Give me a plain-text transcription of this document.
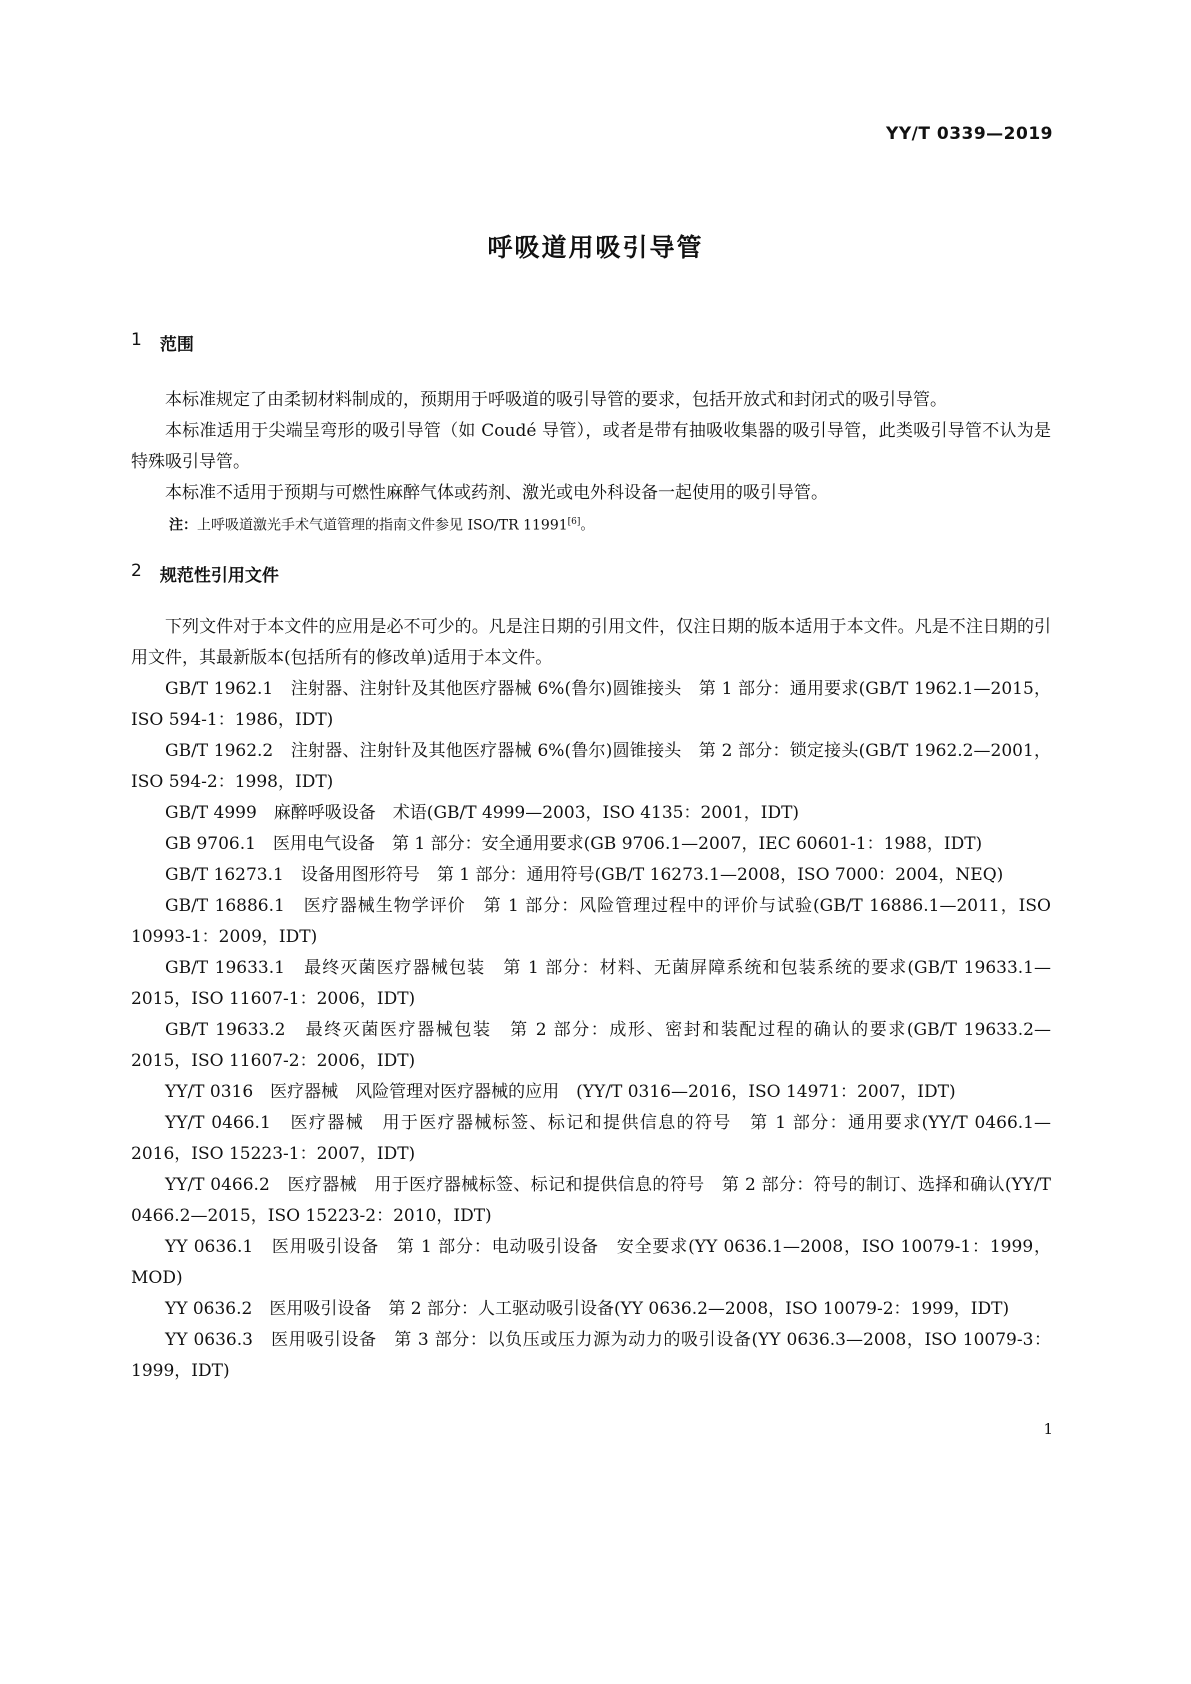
YY/T 0339—2019
呼吸道用吸引导管
1 范围

本标准规定了由柔韧材料制成的，预期用于呼吸道的吸引导管的要求，包括开放式和封闭式的吸引导管。

本标准适用于尖端呈弯形的吸引导管（如 Coudé 导管），或者是带有抽吸收集器的吸引导管，此类吸引导管不认为是特殊吸引导管。

本标准不适用于预期与可燃性麻醉气体或药剂、激光或电外科设备一起使用的吸引导管。

注：上呼吸道激光手术气道管理的指南文件参见 ISO/TR 11991[6]。

2 规范性引用文件

下列文件对于本文件的应用是必不可少的。凡是注日期的引用文件，仅注日期的版本适用于本文件。凡是不注日期的引用文件，其最新版本(包括所有的修改单)适用于本文件。

GB/T 1962.1　注射器、注射针及其他医疗器械 6%(鲁尔)圆锥接头　第 1 部分：通用要求(GB/T 1962.1—2015，ISO 594-1：1986，IDT)

GB/T 1962.2　注射器、注射针及其他医疗器械 6%(鲁尔)圆锥接头　第 2 部分：锁定接头(GB/T 1962.2—2001，ISO 594-2：1998，IDT)

GB/T 4999　麻醉呼吸设备　术语(GB/T 4999—2003，ISO 4135：2001，IDT)

GB 9706.1　医用电气设备　第 1 部分：安全通用要求(GB 9706.1—2007，IEC 60601-1：1988，IDT)

GB/T 16273.1　设备用图形符号　第 1 部分：通用符号(GB/T 16273.1—2008，ISO 7000：2004，NEQ)

GB/T 16886.1　医疗器械生物学评价　第 1 部分：风险管理过程中的评价与试验(GB/T 16886.1—2011，ISO 10993-1：2009，IDT)

GB/T 19633.1　最终灭菌医疗器械包装　第 1 部分：材料、无菌屏障系统和包装系统的要求(GB/T 19633.1—2015，ISO 11607-1：2006，IDT)

GB/T 19633.2　最终灭菌医疗器械包装　第 2 部分：成形、密封和装配过程的确认的要求(GB/T 19633.2—2015，ISO 11607-2：2006，IDT)

YY/T 0316　医疗器械　风险管理对医疗器械的应用　(YY/T 0316—2016，ISO 14971：2007，IDT)

YY/T 0466.1　医疗器械　用于医疗器械标签、标记和提供信息的符号　第 1 部分：通用要求(YY/T 0466.1—2016，ISO 15223-1：2007，IDT)

YY/T 0466.2　医疗器械　用于医疗器械标签、标记和提供信息的符号　第 2 部分：符号的制订、选择和确认(YY/T 0466.2—2015，ISO 15223-2：2010，IDT)

YY 0636.1　医用吸引设备　第 1 部分：电动吸引设备　安全要求(YY 0636.1—2008，ISO 10079-1：1999，MOD)

YY 0636.2　医用吸引设备　第 2 部分：人工驱动吸引设备(YY 0636.2—2008，ISO 10079-2：1999，IDT)

YY 0636.3　医用吸引设备　第 3 部分：以负压或压力源为动力的吸引设备(YY 0636.3—2008，ISO 10079-3：1999，IDT)

1
